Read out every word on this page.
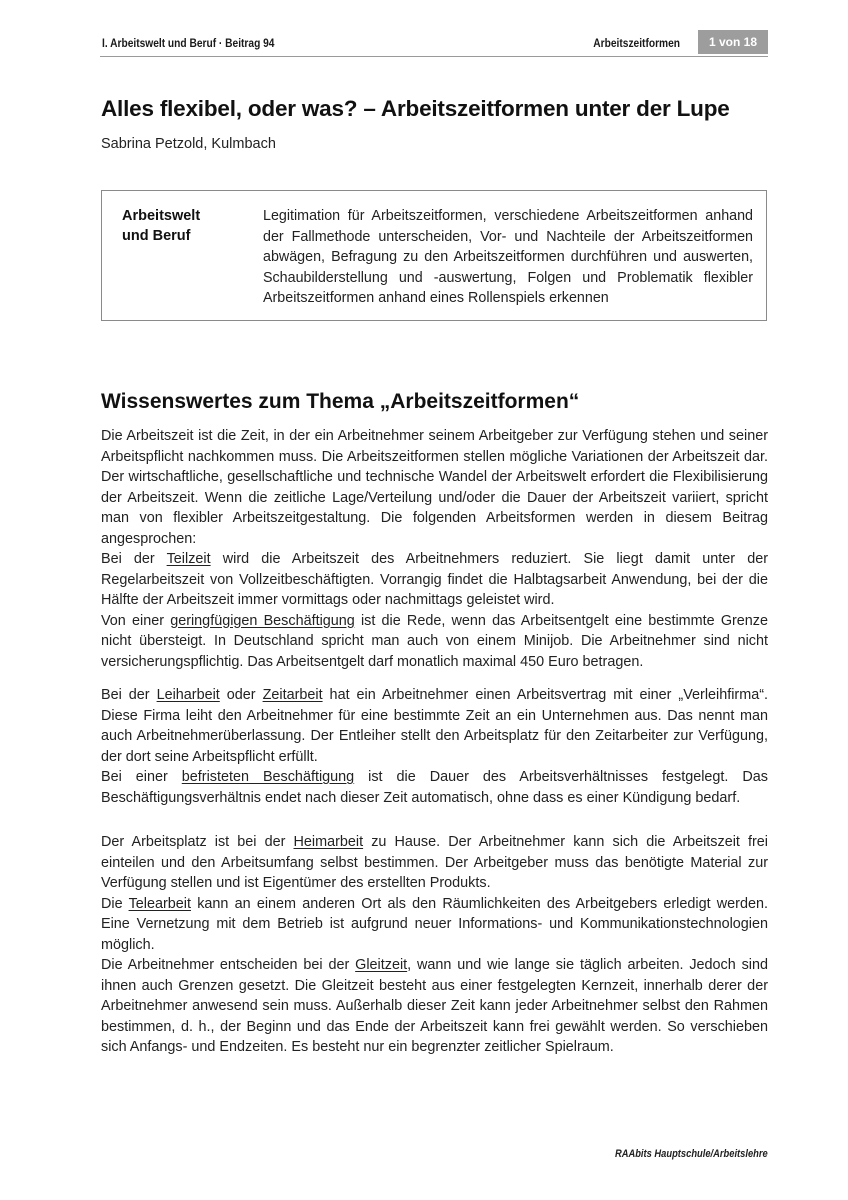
I. Arbeitswelt und Beruf · Beitrag 94	Arbeitszeitformen	1 von 18
Alles flexibel, oder was? – Arbeitszeitformen unter der Lupe
Sabrina Petzold, Kulmbach
Arbeitswelt
und Beruf
Legitimation für Arbeitszeitformen, verschiedene Arbeitszeitformen anhand der Fallmethode unterscheiden, Vor- und Nachteile der Arbeitszeitformen abwägen, Befragung zu den Arbeitszeitformen durchführen und auswerten, Schaubilderstellung und -auswertung, Folgen und Problematik flexibler Arbeitszeitformen anhand eines Rollenspiels erkennen
Wissenswertes zum Thema „Arbeitszeitformen“

Die Arbeitszeit ist die Zeit, in der ein Arbeitnehmer seinem Arbeitgeber zur Verfügung stehen und seiner Arbeitspflicht nachkommen muss. Die Arbeitszeitformen stellen mögliche Variationen der Arbeitszeit dar. Der wirtschaftliche, gesellschaftliche und technische Wandel der Arbeitswelt erfordert die Flexibilisierung der Arbeitszeit. Wenn die zeitliche Lage/Verteilung und/oder die Dauer der Arbeitszeit variiert, spricht man von flexibler Arbeitszeitgestaltung. Die folgenden Arbeitsformen werden in diesem Beitrag angesprochen:

Bei der Teilzeit wird die Arbeitszeit des Arbeitnehmers reduziert. Sie liegt damit unter der Regelarbeitszeit von Vollzeitbeschäftigten. Vorrangig findet die Halbtagsarbeit Anwendung, bei der die Hälfte der Arbeitszeit immer vormittags oder nachmittags geleistet wird.

Von einer geringfügigen Beschäftigung ist die Rede, wenn das Arbeitsentgelt eine bestimmte Grenze nicht übersteigt. In Deutschland spricht man auch von einem Minijob. Die Arbeitnehmer sind nicht versicherungspflichtig. Das Arbeitsentgelt darf monatlich maximal 450 Euro betragen.

Bei der Leiharbeit oder Zeitarbeit hat ein Arbeitnehmer einen Arbeitsvertrag mit einer „Verleihfirma“. Diese Firma leiht den Arbeitnehmer für eine bestimmte Zeit an ein Unternehmen aus. Das nennt man auch Arbeitnehmerüberlassung. Der Entleiher stellt den Arbeitsplatz für den Zeitarbeiter zur Verfügung, der dort seine Arbeitspflicht erfüllt.

Bei einer befristeten Beschäftigung ist die Dauer des Arbeitsverhältnisses festgelegt. Das Beschäftigungsverhältnis endet nach dieser Zeit automatisch, ohne dass es einer Kündigung bedarf.

Der Arbeitsplatz ist bei der Heimarbeit zu Hause. Der Arbeitnehmer kann sich die Arbeitszeit frei einteilen und den Arbeitsumfang selbst bestimmen. Der Arbeitgeber muss das benötigte Material zur Verfügung stellen und ist Eigentümer des erstellten Produkts.

Die Telearbeit kann an einem anderen Ort als den Räumlichkeiten des Arbeitgebers erledigt werden. Eine Vernetzung mit dem Betrieb ist aufgrund neuer Informations- und Kommunikationstechnologien möglich.

Die Arbeitnehmer entscheiden bei der Gleitzeit, wann und wie lange sie täglich arbeiten. Jedoch sind ihnen auch Grenzen gesetzt. Die Gleitzeit besteht aus einer festgelegten Kernzeit, innerhalb derer der Arbeitnehmer anwesend sein muss. Außerhalb dieser Zeit kann jeder Arbeitnehmer selbst den Rahmen bestimmen, d. h., der Beginn und das Ende der Arbeitszeit kann frei gewählt werden. So verschieben sich Anfangs- und Endzeiten. Es besteht nur ein begrenzter zeitlicher Spielraum.

RAAbits Hauptschule/Arbeitslehre
